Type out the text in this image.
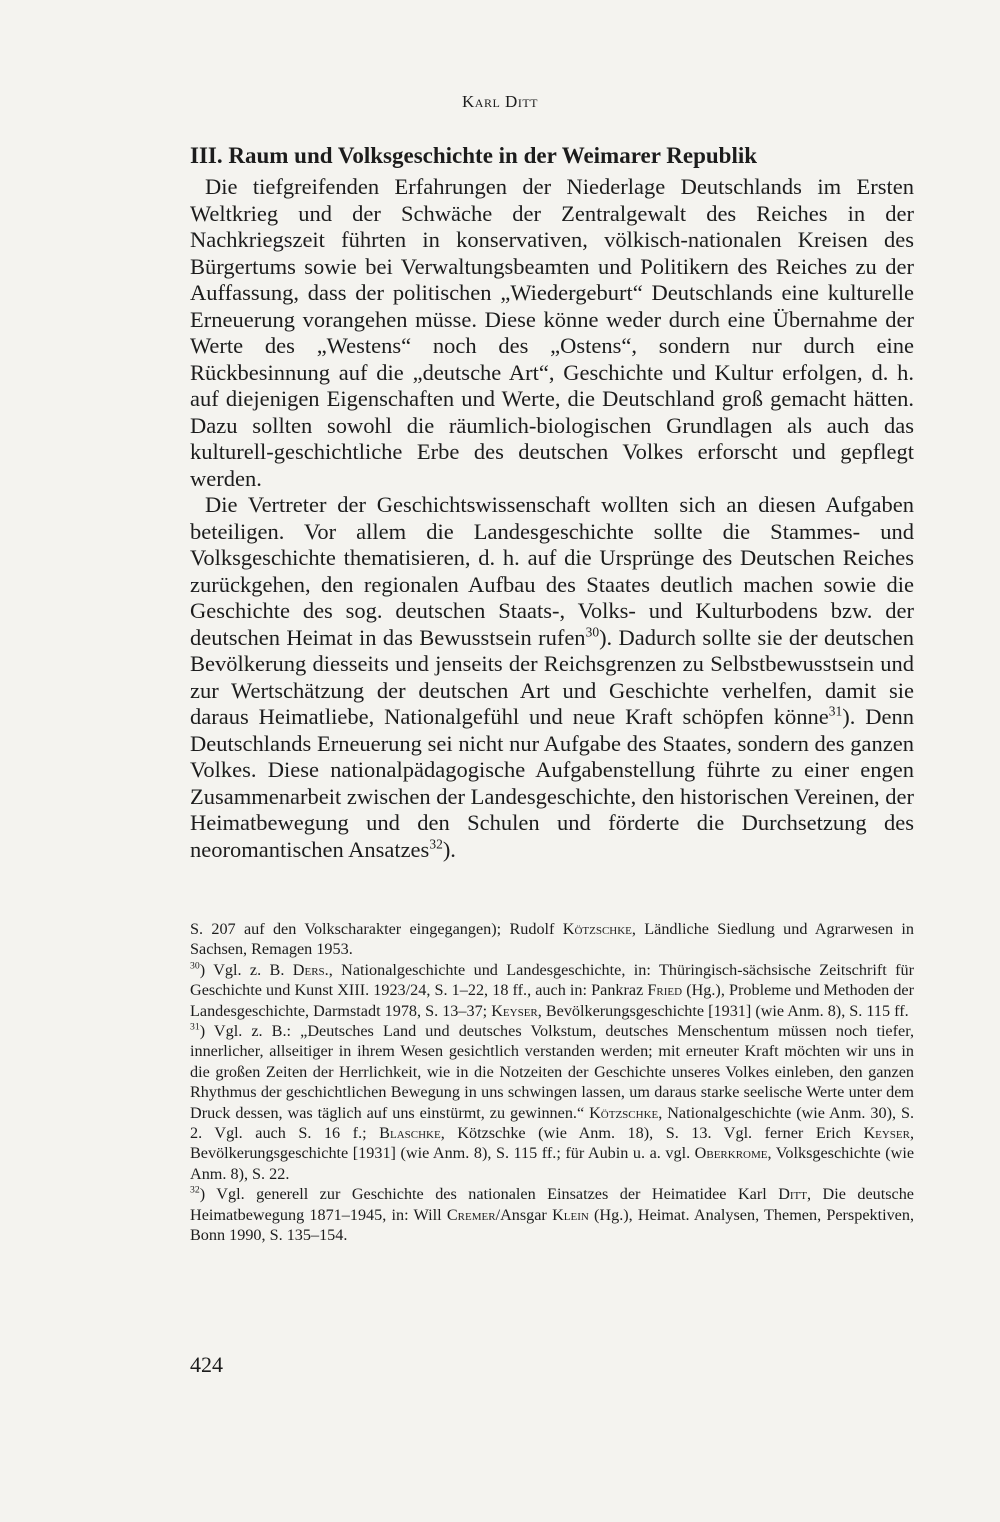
Karl Ditt
III. Raum und Volksgeschichte in der Weimarer Republik

Die tiefgreifenden Erfahrungen der Niederlage Deutschlands im Ersten Weltkrieg und der Schwäche der Zentralgewalt des Reiches in der Nachkriegszeit führten in konservativen, völkisch-nationalen Kreisen des Bürgertums sowie bei Verwaltungsbeamten und Politikern des Reiches zu der Auffassung, dass der politischen „Wiedergeburt“ Deutschlands eine kulturelle Erneuerung vorangehen müsse. Diese könne weder durch eine Übernahme der Werte des „Westens“ noch des „Ostens“, sondern nur durch eine Rückbesinnung auf die „deutsche Art“, Geschichte und Kultur erfolgen, d. h. auf diejenigen Eigenschaften und Werte, die Deutschland groß gemacht hätten. Dazu sollten sowohl die räumlich-biologischen Grundlagen als auch das kulturell-geschichtliche Erbe des deutschen Volkes erforscht und gepflegt werden.

Die Vertreter der Geschichtswissenschaft wollten sich an diesen Aufgaben beteiligen. Vor allem die Landesgeschichte sollte die Stammes- und Volksgeschichte thematisieren, d. h. auf die Ursprünge des Deutschen Reiches zurückgehen, den regionalen Aufbau des Staates deutlich machen sowie die Geschichte des sog. deutschen Staats-, Volks- und Kulturbodens bzw. der deutschen Heimat in das Bewusstsein rufen$^{30}$). Dadurch sollte sie der deutschen Bevölkerung diesseits und jenseits der Reichsgrenzen zu Selbstbewusstsein und zur Wertschätzung der deutschen Art und Geschichte verhelfen, damit sie daraus Heimatliebe, Nationalgefühl und neue Kraft schöpfen könne$^{31}$). Denn Deutschlands Erneuerung sei nicht nur Aufgabe des Staates, sondern des ganzen Volkes. Diese nationalpädagogische Aufgabenstellung führte zu einer engen Zusammenarbeit zwischen der Landesgeschichte, den historischen Vereinen, der Heimatbewegung und den Schulen und förderte die Durchsetzung des neoromantischen Ansatzes$^{32}$).

S. 207 auf den Volkscharakter eingegangen); Rudolf Kötzschke, Ländliche Siedlung und Agrarwesen in Sachsen, Remagen 1953.

$^{30}$) Vgl. z. B. Ders., Nationalgeschichte und Landesgeschichte, in: Thüringisch-sächsische Zeitschrift für Geschichte und Kunst XIII. 1923/24, S. 1–22, 18 ff., auch in: Pankraz Fried (Hg.), Probleme und Methoden der Landesgeschichte, Darmstadt 1978, S. 13–37; Keyser, Bevölkerungsgeschichte [1931] (wie Anm. 8), S. 115 ff.

$^{31}$) Vgl. z. B.: „Deutsches Land und deutsches Volkstum, deutsches Menschentum müssen noch tiefer, innerlicher, allseitiger in ihrem Wesen gesichtlich verstanden werden; mit erneuter Kraft möchten wir uns in die großen Zeiten der Herrlichkeit, wie in die Notzeiten der Geschichte unseres Volkes einleben, den ganzen Rhythmus der geschichtlichen Bewegung in uns schwingen lassen, um daraus starke seelische Werte unter dem Druck dessen, was täglich auf uns einstürmt, zu gewinnen.“ Kötzschke, Nationalgeschichte (wie Anm. 30), S. 2. Vgl. auch S. 16 f.; Blaschke, Kötzschke (wie Anm. 18), S. 13. Vgl. ferner Erich Keyser, Bevölkerungsgeschichte [1931] (wie Anm. 8), S. 115 ff.; für Aubin u. a. vgl. Oberkrome, Volksgeschichte (wie Anm. 8), S. 22.

$^{32}$) Vgl. generell zur Geschichte des nationalen Einsatzes der Heimatidee Karl Ditt, Die deutsche Heimatbewegung 1871–1945, in: Will Cremer/Ansgar Klein (Hg.), Heimat. Analysen, Themen, Perspektiven, Bonn 1990, S. 135–154.

424
